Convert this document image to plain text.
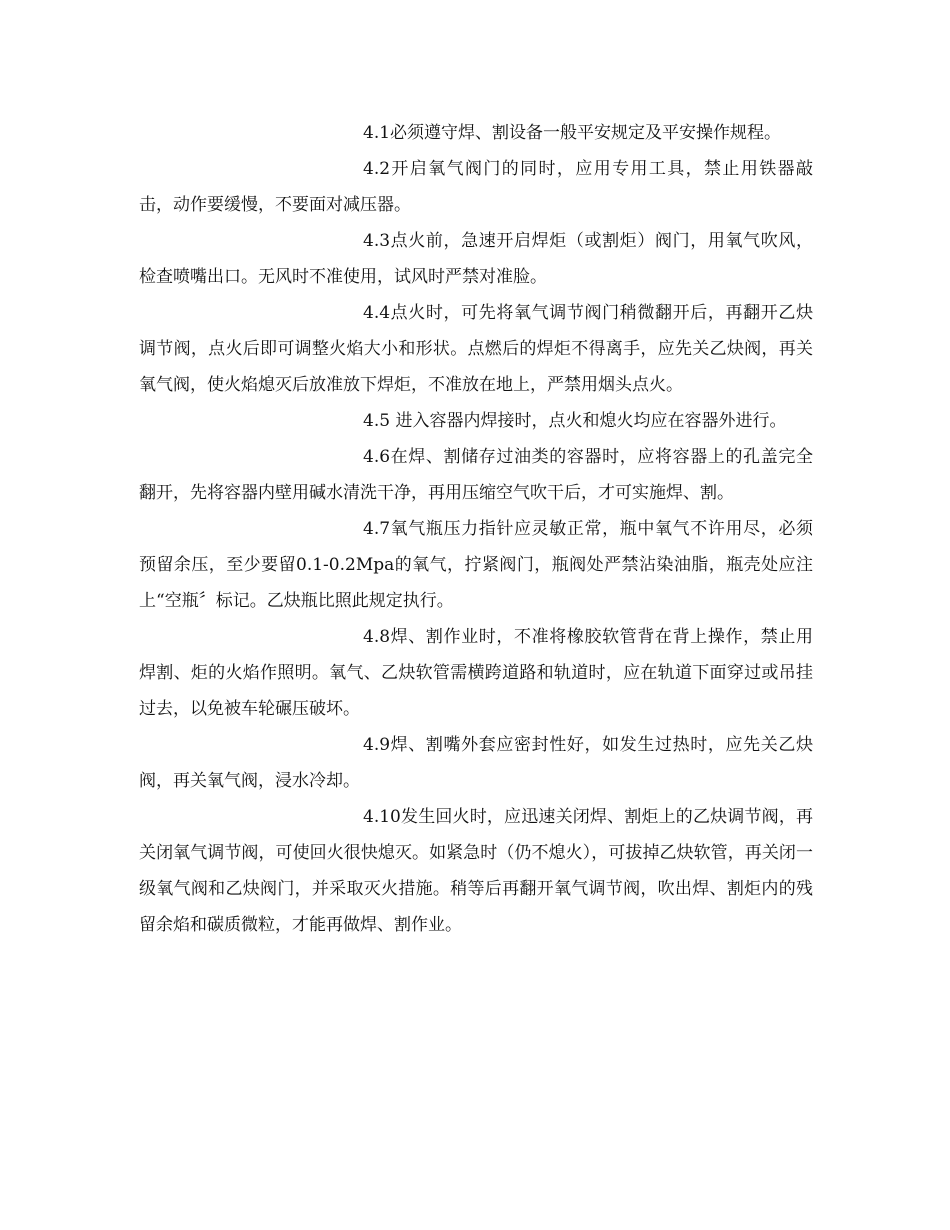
4.1必须遵守焊、割设备一般平安规定及平安操作规程。

4.2开启氧气阀门的同时，应用专用工具，禁止用铁器敲击，动作要缓慢，不要面对减压器。

4.3点火前，急速开启焊炬（或割炬）阀门，用氧气吹风，检查喷嘴出口。无风时不准使用，试风时严禁对准脸。

4.4点火时，可先将氧气调节阀门稍微翻开后，再翻开乙炔调节阀，点火后即可调整火焰大小和形状。点燃后的焊炬不得离手，应先关乙炔阀，再关氧气阀，使火焰熄灭后放准放下焊炬，不准放在地上，严禁用烟头点火。

4.5 进入容器内焊接时，点火和熄火均应在容器外进行。

4.6在焊、割储存过油类的容器时，应将容器上的孔盖完全翻开，先将容器内壁用碱水清洗干净，再用压缩空气吹干后，才可实施焊、割。

4.7氧气瓶压力指针应灵敏正常，瓶中氧气不许用尽，必须预留余压，至少要留0.1-0.2Mpa的氧气，拧紧阀门，瓶阀处严禁沾染油脂，瓶壳处应注上“空瓶〞标记。乙炔瓶比照此规定执行。

4.8焊、割作业时，不准将橡胶软管背在背上操作，禁止用焊割、炬的火焰作照明。氧气、乙炔软管需横跨道路和轨道时，应在轨道下面穿过或吊挂过去，以免被车轮碾压破坏。

4.9焊、割嘴外套应密封性好，如发生过热时，应先关乙炔阀，再关氧气阀，浸水冷却。

4.10发生回火时，应迅速关闭焊、割炬上的乙炔调节阀，再关闭氧气调节阀，可使回火很快熄灭。如紧急时（仍不熄火），可拔掉乙炔软管，再关闭一级氧气阀和乙炔阀门，并采取灭火措施。稍等后再翻开氧气调节阀，吹出焊、割炬内的残留余焰和碳质微粒，才能再做焊、割作业。
